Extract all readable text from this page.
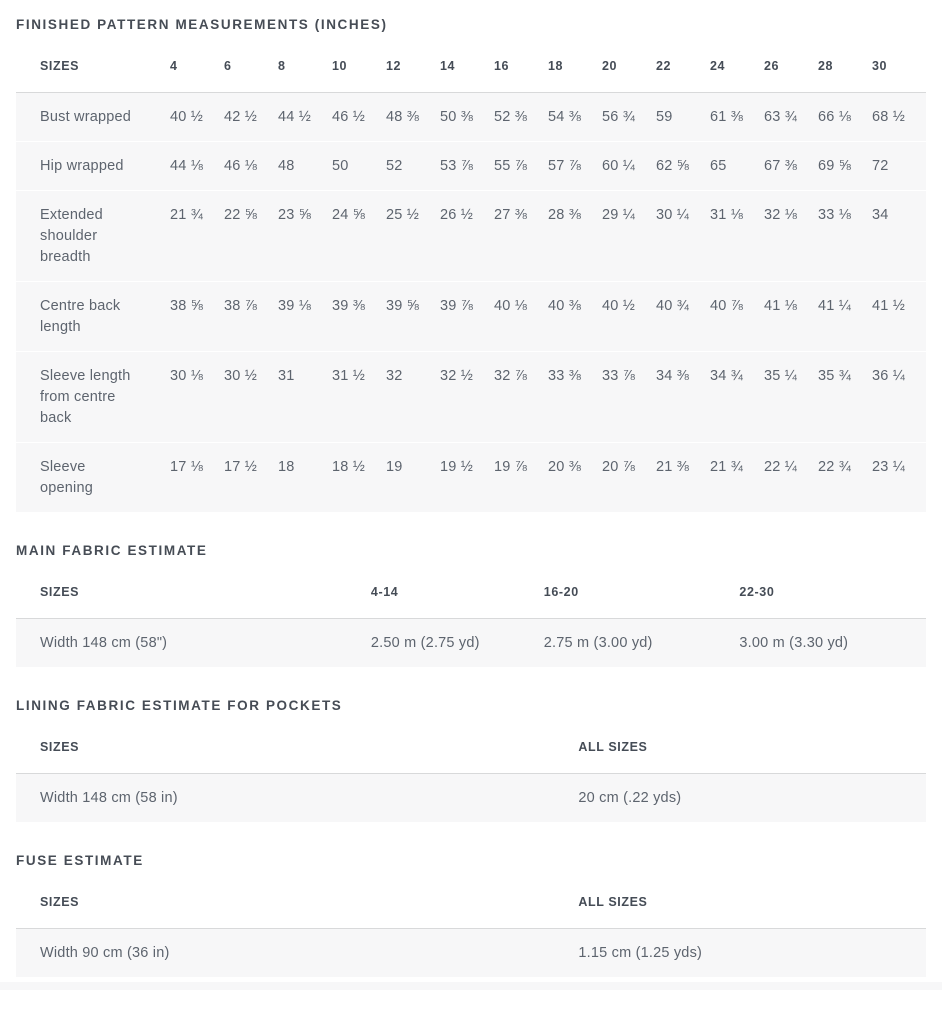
FINISHED PATTERN MEASUREMENTS (INCHES)
SIZES	4	6	8	10	12	14	16	18	20	22	24	26	28	30
Bust wrapped	40 ½	42 ½	44 ½	46 ½	48 ⅜	50 ⅜	52 ⅜	54 ⅜	56 ¾	59	61 ⅜	63 ¾	66 ⅛	68 ½
Hip wrapped	44 ⅛	46 ⅛	48	50	52	53 ⅞	55 ⅞	57 ⅞	60 ¼	62 ⅝	65	67 ⅜	69 ⅝	72
Extended shoulder breadth	21 ¾	22 ⅝	23 ⅝	24 ⅝	25 ½	26 ½	27 ⅜	28 ⅜	29 ¼	30 ¼	31 ⅛	32 ⅛	33 ⅛	34
Centre back length	38 ⅝	38 ⅞	39 ⅛	39 ⅜	39 ⅝	39 ⅞	40 ⅛	40 ⅜	40 ½	40 ¾	40 ⅞	41 ⅛	41 ¼	41 ½
Sleeve length from centre back	30 ⅛	30 ½	31	31 ½	32	32 ½	32 ⅞	33 ⅜	33 ⅞	34 ⅜	34 ¾	35 ¼	35 ¾	36 ¼
Sleeve opening	17 ⅛	17 ½	18	18 ½	19	19 ½	19 ⅞	20 ⅜	20 ⅞	21 ⅜	21 ¾	22 ¼	22 ¾	23 ¼
MAIN FABRIC ESTIMATE
SIZES	4-14	16-20	22-30
Width 148 cm (58")	2.50 m (2.75 yd)	2.75 m (3.00 yd)	3.00 m (3.30 yd)
LINING FABRIC ESTIMATE FOR POCKETS
SIZES	ALL SIZES
Width 148 cm (58 in)	20 cm (.22 yds)
FUSE ESTIMATE
SIZES	ALL SIZES
Width 90 cm (36 in)	1.15 cm (1.25 yds)
